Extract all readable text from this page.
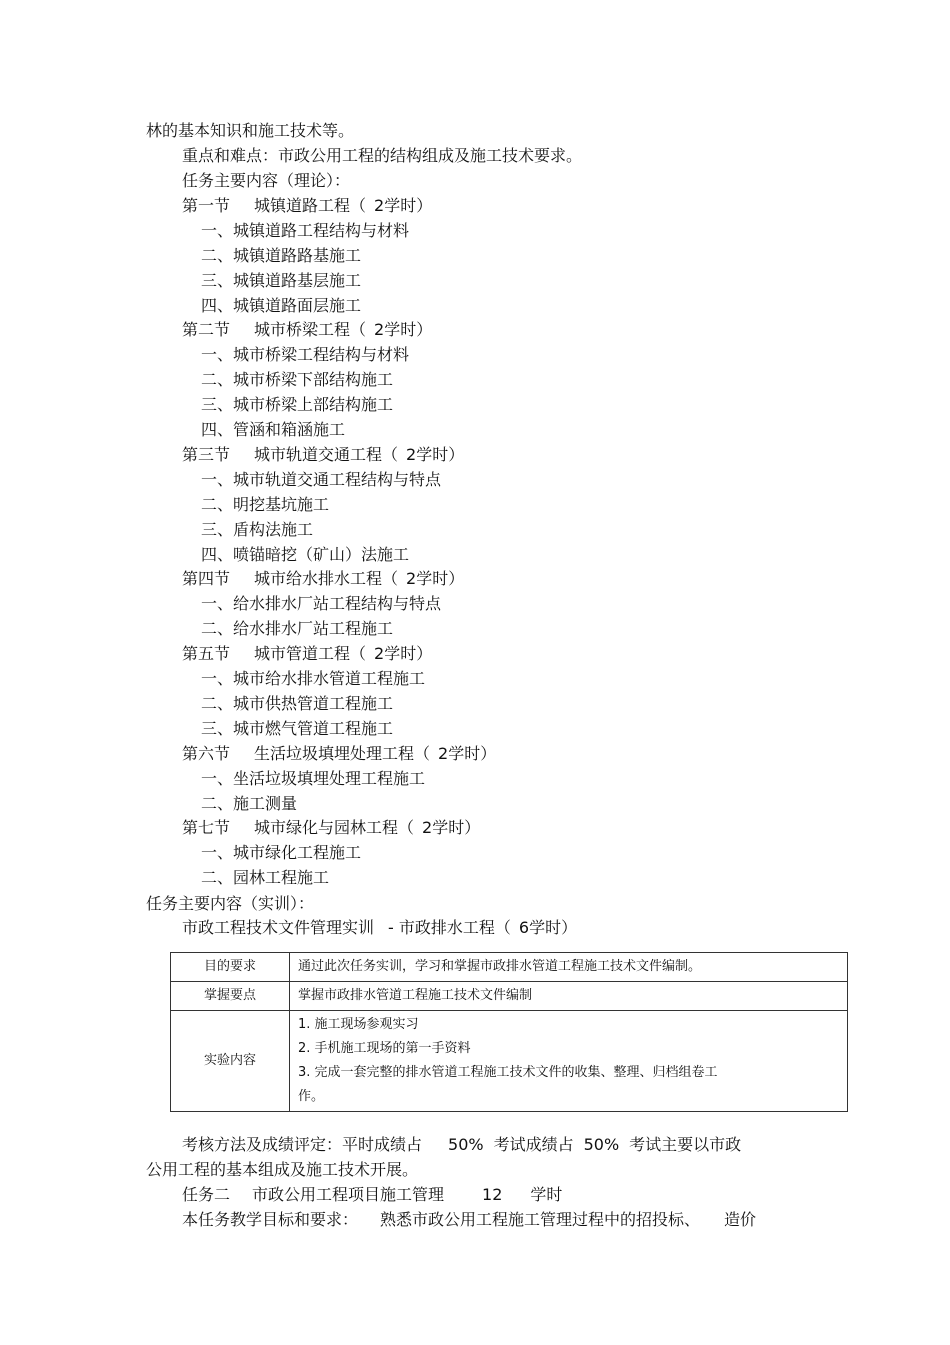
林的基本知识和施工技术等。
重点和难点：市政公用工程的结构组成及施工技术要求。
任务主要内容（理论）：
第一节 城镇道路工程（ 2学时）
一、城镇道路工程结构与材料
二、城镇道路路基施工
三、城镇道路基层施工
四、城镇道路面层施工
第二节 城市桥梁工程（ 2学时）
一、城市桥梁工程结构与材料
二、城市桥梁下部结构施工
三、城市桥梁上部结构施工
四、管涵和箱涵施工
第三节 城市轨道交通工程（ 2学时）
一、城市轨道交通工程结构与特点
二、明挖基坑施工
三、盾构法施工
四、喷锚暗挖（矿山）法施工
第四节 城市给水排水工程（ 2学时）
一、给水排水厂站工程结构与特点
二、给水排水厂站工程施工
第五节 城市管道工程（ 2学时）
一、城市给水排水管道工程施工
二、城市供热管道工程施工
三、城市燃气管道工程施工
第六节 生活垃圾填埋处理工程（ 2学时）
一、坐活垃圾填埋处理工程施工
二、施工测量
第七节 城市绿化与园林工程（ 2学时）
一、城市绿化工程施工
二、园林工程施工
任务主要内容（实训）：
市政工程技术文件管理实训 - 市政排水工程（ 6学时）
目的要求	通过此次任务实训，学习和掌握市政排水管道工程施工技术文件编制。
掌握要点	掌握市政排水管道工程施工技术文件编制
实验内容	1. 施工现场参观实习
2. 手机施工现场的第一手资料
3. 完成一套完整的排水管道工程施工技术文件的收集、整理、归档组卷工
作。
考核方法及成绩评定：平时成绩占 50% 考试成绩占 50% 考试主要以市政
公用工程的基本组成及施工技术开展。
任务二 市政公用工程项目施工管理 12 学时
本任务教学目标和要求： 熟悉市政公用工程施工管理过程中的招投标、 造价
